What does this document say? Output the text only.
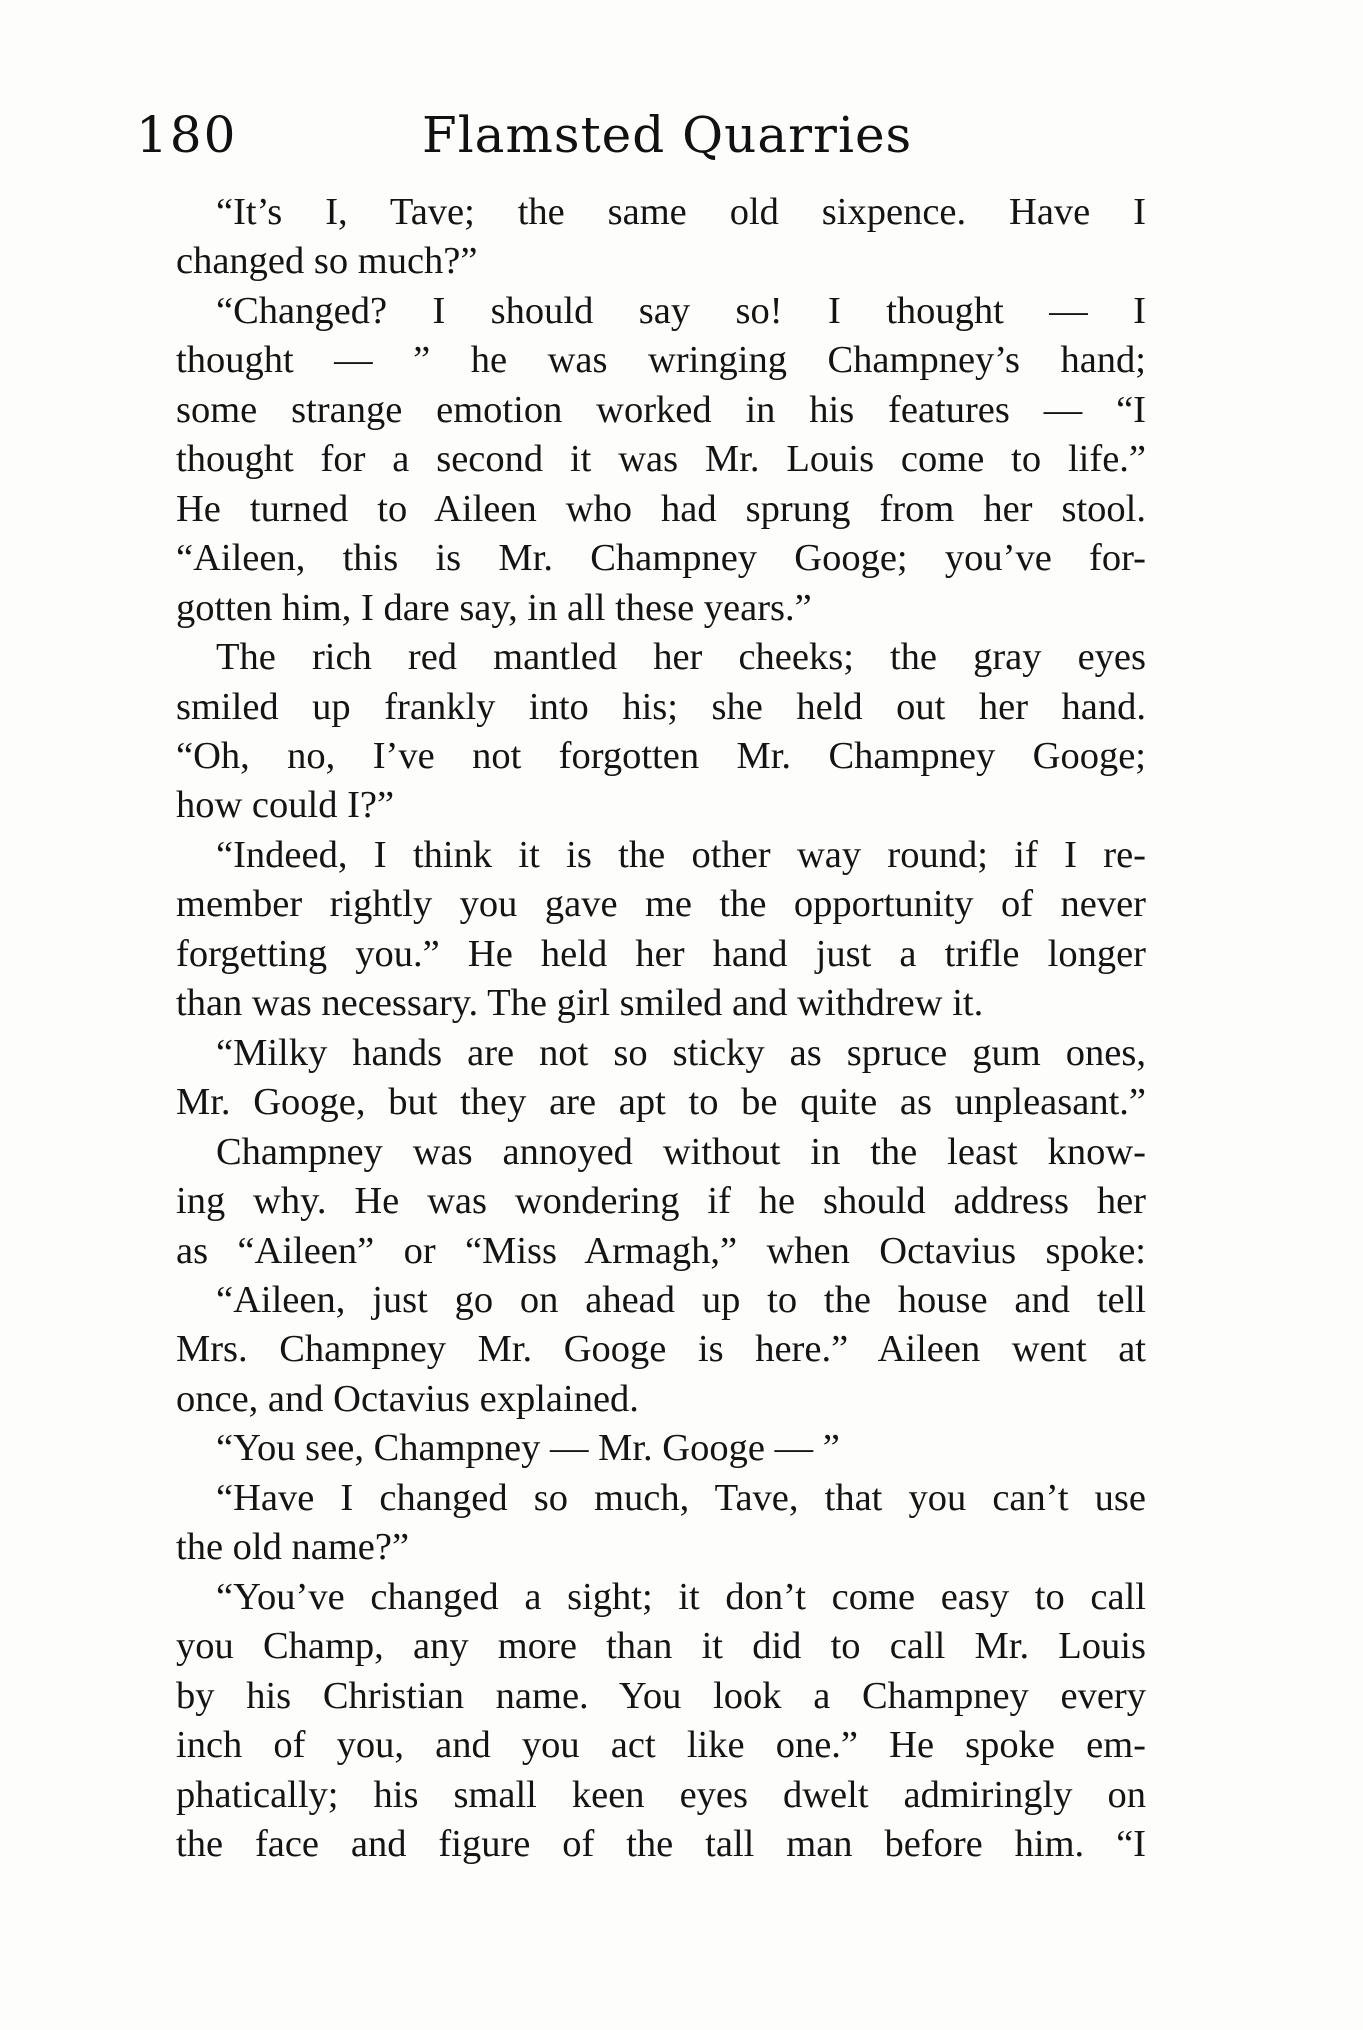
180	Flamsted Quarries

“It’s I, Tave; the same old sixpence. Have I
changed so much?”

“Changed? I should say so! I thought — I
thought — ” he was wringing Champney’s hand;
some strange emotion worked in his features — “I
thought for a second it was Mr. Louis come to life.”
He turned to Aileen who had sprung from her stool.
“Aileen, this is Mr. Champney Googe; you’ve for-
gotten him, I dare say, in all these years.”

The rich red mantled her cheeks; the gray eyes
smiled up frankly into his; she held out her hand.
“Oh, no, I’ve not forgotten Mr. Champney Googe;
how could I?”

“Indeed, I think it is the other way round; if I re-
member rightly you gave me the opportunity of never
forgetting you.” He held her hand just a trifle longer
than was necessary. The girl smiled and withdrew it.

“Milky hands are not so sticky as spruce gum ones,
Mr. Googe, but they are apt to be quite as unpleasant.”

Champney was annoyed without in the least know-
ing why. He was wondering if he should address her
as “Aileen” or “Miss Armagh,” when Octavius spoke:

“Aileen, just go on ahead up to the house and tell
Mrs. Champney Mr. Googe is here.” Aileen went at
once, and Octavius explained.

“You see, Champney — Mr. Googe — ”

“Have I changed so much, Tave, that you can’t use
the old name?”

“You’ve changed a sight; it don’t come easy to call
you Champ, any more than it did to call Mr. Louis
by his Christian name. You look a Champney every
inch of you, and you act like one.” He spoke em-
phatically; his small keen eyes dwelt admiringly on
the face and figure of the tall man before him. “I
